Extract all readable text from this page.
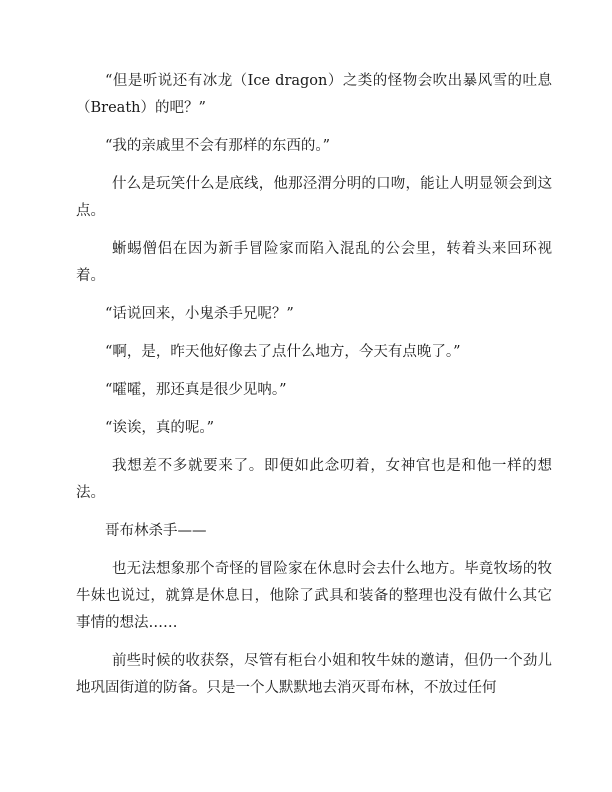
“但是听说还有冰龙（Ice dragon）之类的怪物会吹出暴风雪的吐息（Breath）的吧？”

“我的亲戚里不会有那样的东西的。”

什么是玩笑什么是底线，他那泾渭分明的口吻，能让人明显领会到这点。

蜥蜴僧侣在因为新手冒险家而陷入混乱的公会里，转着头来回环视着。

“话说回来，小鬼杀手兄呢？”

“啊，是，昨天他好像去了点什么地方，今天有点晚了。”

“嚯嚯，那还真是很少见呐。”

“诶诶，真的呢。”

我想差不多就要来了。即便如此念叨着，女神官也是和他一样的想法。

哥布林杀手——

也无法想象那个奇怪的冒险家在休息时会去什么地方。毕竟牧场的牧牛妹也说过，就算是休息日，他除了武具和装备的整理也没有做什么其它事情的想法……

前些时候的收获祭，尽管有柜台小姐和牧牛妹的邀请，但仍一个劲儿地巩固街道的防备。只是一个人默默地去消灭哥布林，不放过任何
